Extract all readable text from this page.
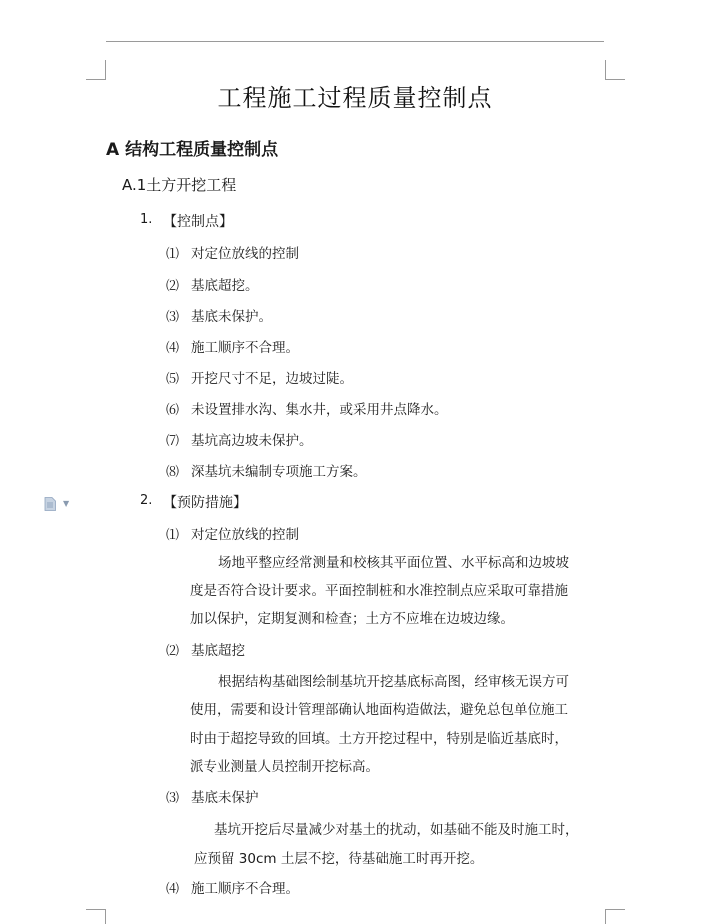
▼
工程施工过程质量控制点
A 结构工程质量控制点
A.1土方开挖工程
1. 【控制点】
⑴ 对定位放线的控制
⑵ 基底超挖。
⑶ 基底未保护。
⑷ 施工顺序不合理。
⑸ 开挖尺寸不足，边坡过陡。
⑹ 未设置排水沟、集水井，或采用井点降水。
⑺ 基坑高边坡未保护。
⑻ 深基坑未编制专项施工方案。
2. 【预防措施】
⑴ 对定位放线的控制
场地平整应经常测量和校核其平面位置、水平标高和边坡坡
度是否符合设计要求。平面控制桩和水准控制点应采取可靠措施
加以保护，定期复测和检查；土方不应堆在边坡边缘。
⑵ 基底超挖
根据结构基础图绘制基坑开挖基底标高图，经审核无误方可
使用，需要和设计管理部确认地面构造做法，避免总包单位施工
时由于超挖导致的回填。土方开挖过程中，特别是临近基底时，
派专业测量人员控制开挖标高。
⑶ 基底未保护
基坑开挖后尽量减少对基土的扰动，如基础不能及时施工时，
应预留 30cm 土层不挖，待基础施工时再开挖。
⑷ 施工顺序不合理。
